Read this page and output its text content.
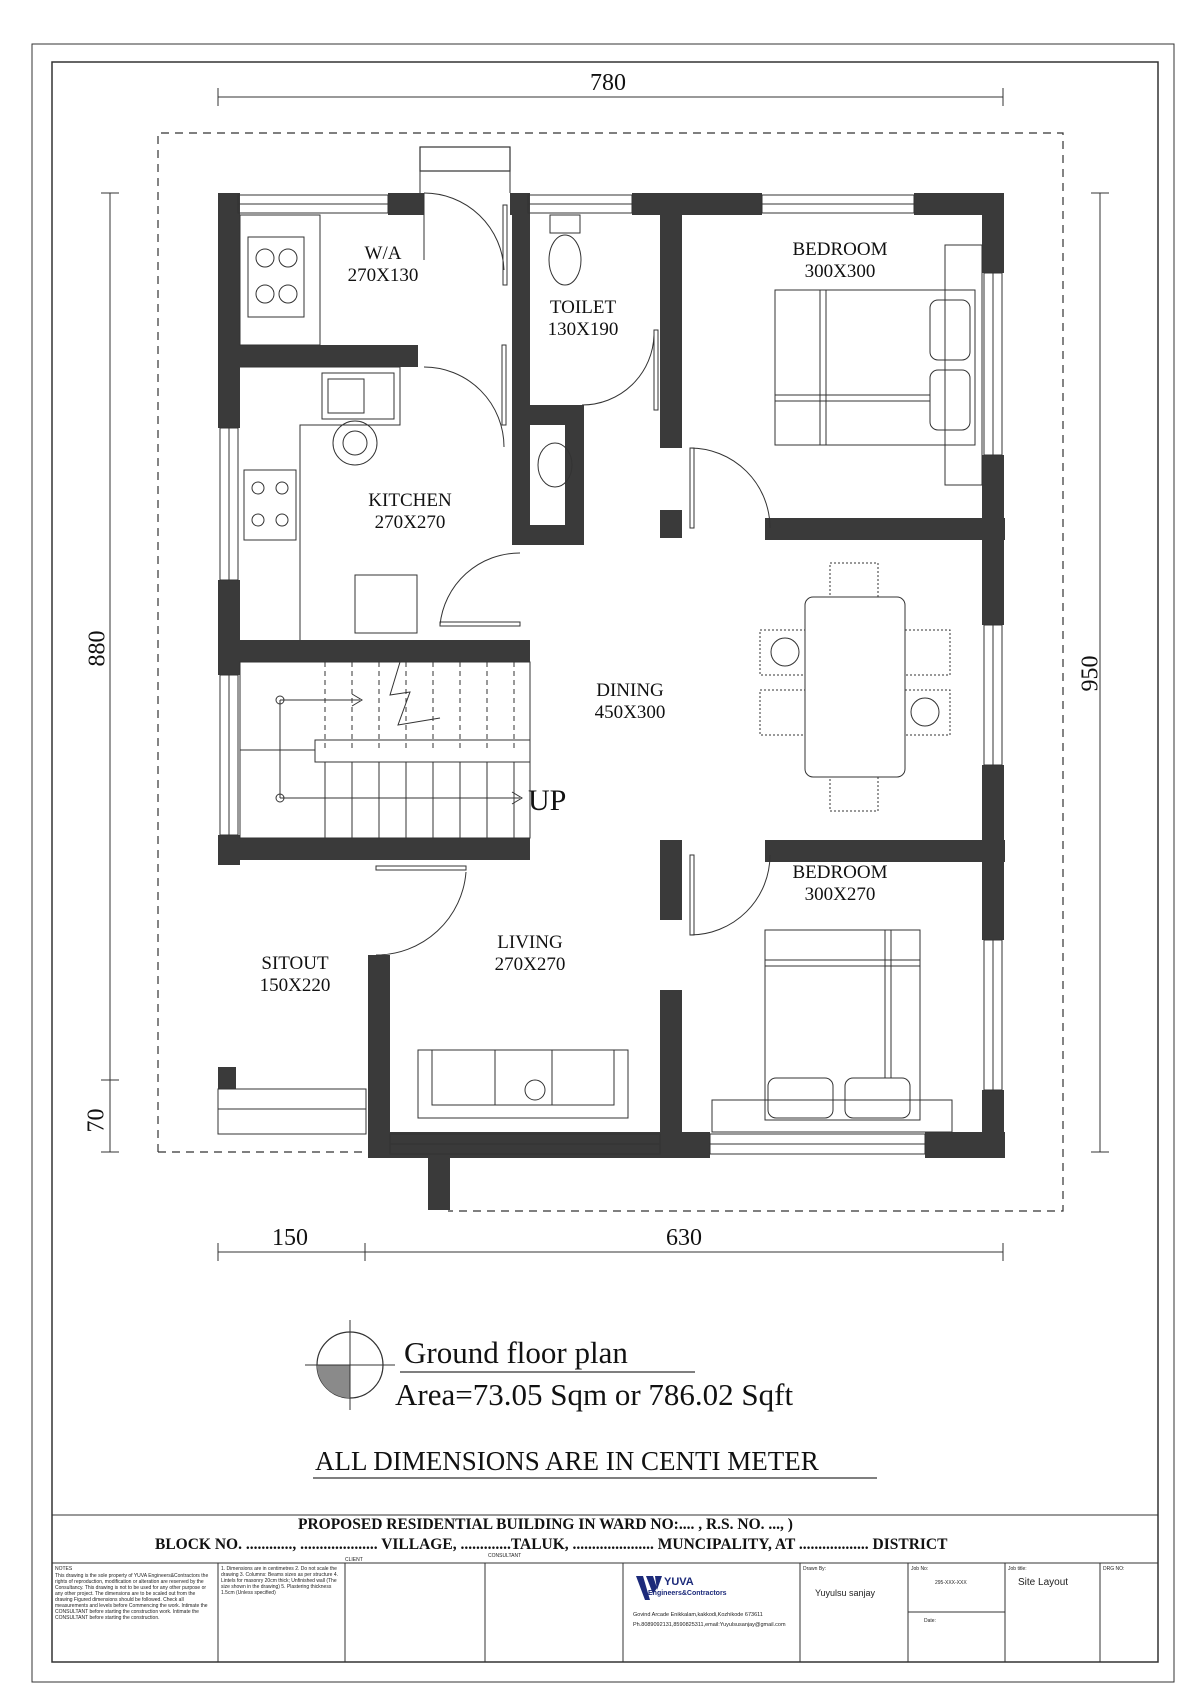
780
880
70
950
150	630
W/A
270X130
TOILET
130X190
BEDROOM
300X300
KITCHEN
270X270
DINING
450X300
BEDROOM
300X270
SITOUT
150X220
LIVING
270X270
UP
Ground floor plan
Area=73.05 Sqm or 786.02 Sqft
ALL DIMENSIONS ARE IN CENTI METER
PROPOSED RESIDENTIAL BUILDING IN WARD NO:.... , R.S. NO. ..., )
BLOCK NO. ............, .................... VILLAGE, .............TALUK, ..................... MUNCIPALITY, AT .................. DISTRICT
NOTES
This drawing is the sole property of YUVA Engineers&Contractors the rights of reproduction, modification or alteration are reserved by the Consultancy. This drawing is not to be used for any other purpose or any other project. The dimensions are to be scaled out from the drawing Figured dimensions should be followed. Check all measurements and levels before Commencing the work. Intimate the CONSULTANT before starting the construction work. Intimate the CONSULTANT before starting the construction.
1. Dimensions are in centimetres 2. Do not scale the drawing 3. Columns: Beams sizes as per structure 4. Lintels for masonry 20cm thick; Unfinished wall (The size shown in the drawing) 5. Plastering thickness 1.5cm (Unless specified)
CLIENT
CONSULTANT
YUVA
Engineers&Contractors
Govind Arcade Enikkalam,kakkodi,Kozhikode 673611
Ph.8089092131,8590825311,email:Yuyulsusanjay@gmail.com
Drawn By:
Yuyulsu sanjay
Job No:
295-XXX-XXX
Date:
Job title:
Site Layout
DRG NO:
